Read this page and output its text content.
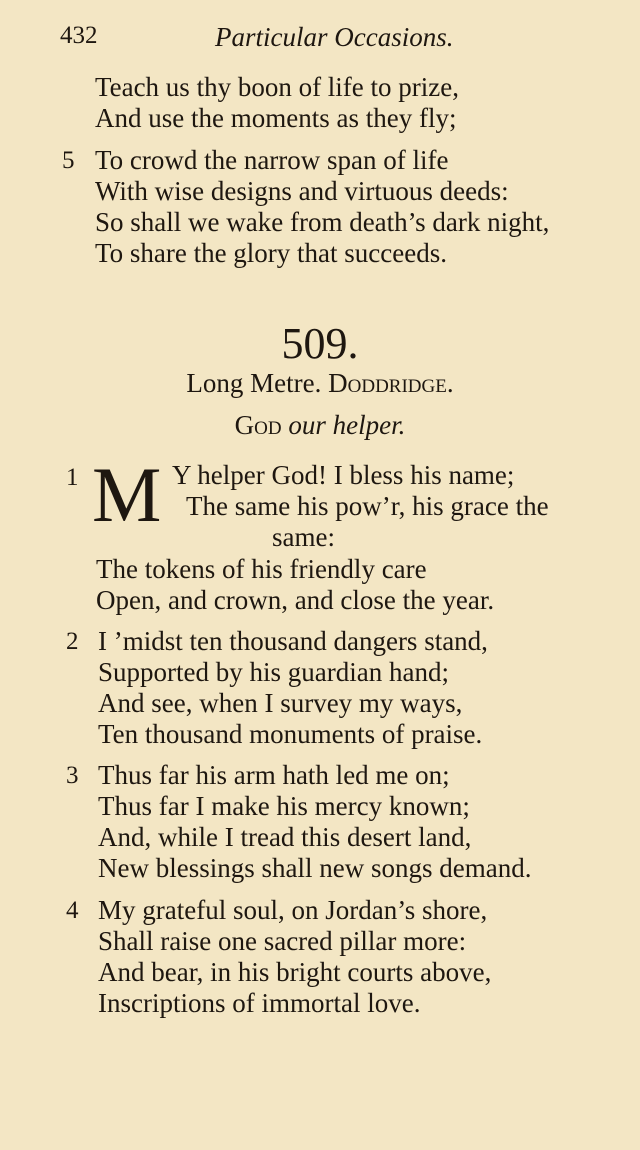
432	Particular Occasions.
Teach us thy boon of life to prize,
And use the moments as they fly;
5 To crowd the narrow span of life
With wise designs and virtuous deeds:
So shall we wake from death’s dark night,
To share the glory that succeeds.
509.
Long Metre. Doddridge.
God our helper.
1 M Y helper God! I bless his name;
The same his pow’r, his grace the
same:
The tokens of his friendly care
Open, and crown, and close the year.
2 I ’midst ten thousand dangers stand,
Supported by his guardian hand;
And see, when I survey my ways,
Ten thousand monuments of praise.
3 Thus far his arm hath led me on;
Thus far I make his mercy known;
And, while I tread this desert land,
New blessings shall new songs demand.
4 My grateful soul, on Jordan’s shore,
Shall raise one sacred pillar more:
And bear, in his bright courts above,
Inscriptions of immortal love.
